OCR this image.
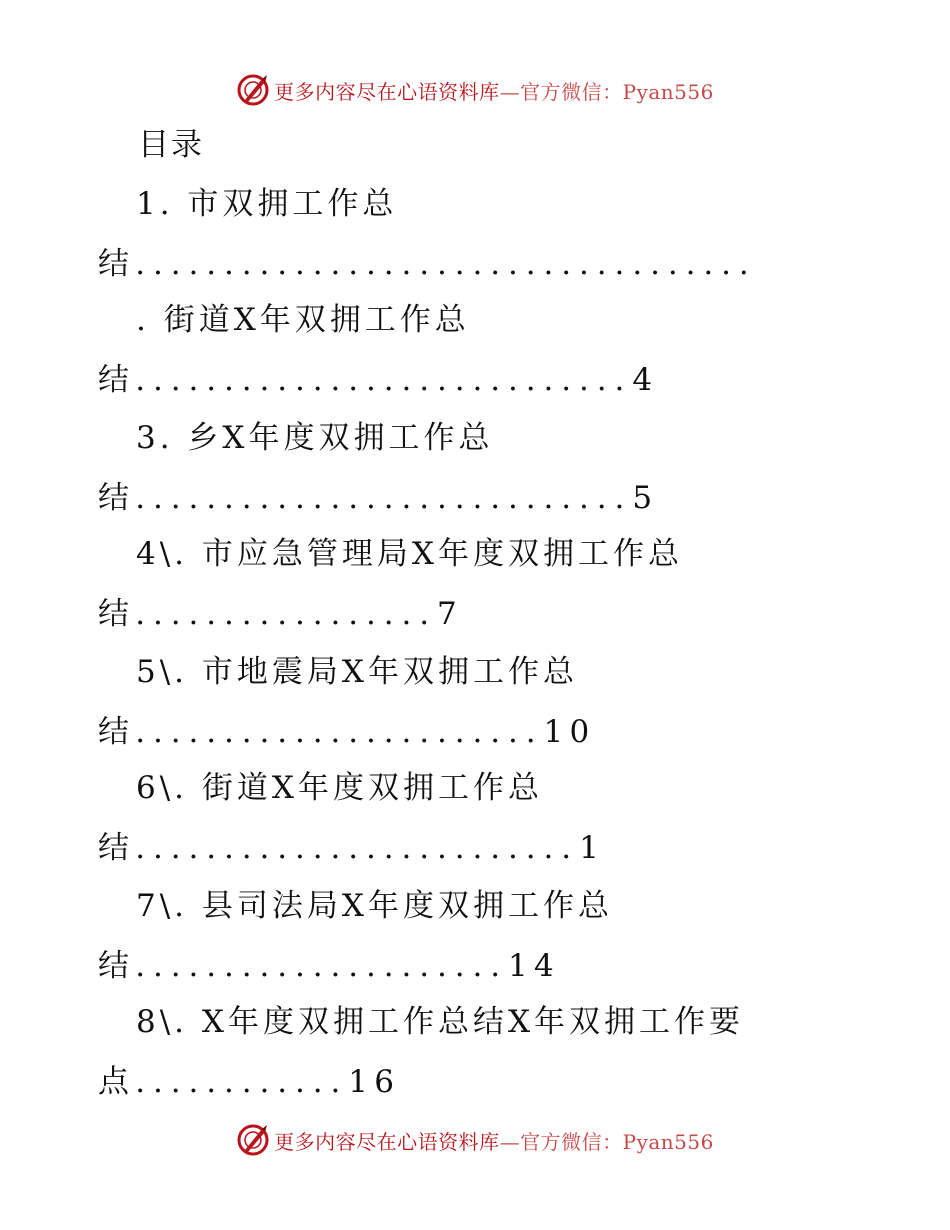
更多内容尽在心语资料库—官方微信：Pyan556
目录
1. 市双拥工作总
结...................................
. 街道X年双拥工作总
结............................4
3. 乡X年度双拥工作总
结............................5
4\. 市应急管理局X年度双拥工作总
结.................7
5\. 市地震局X年双拥工作总
结.......................10
6\. 街道X年度双拥工作总
结.........................1
7\. 县司法局X年度双拥工作总
结.....................14
8\. X年度双拥工作总结X年双拥工作要
点............16
更多内容尽在心语资料库—官方微信：Pyan556
